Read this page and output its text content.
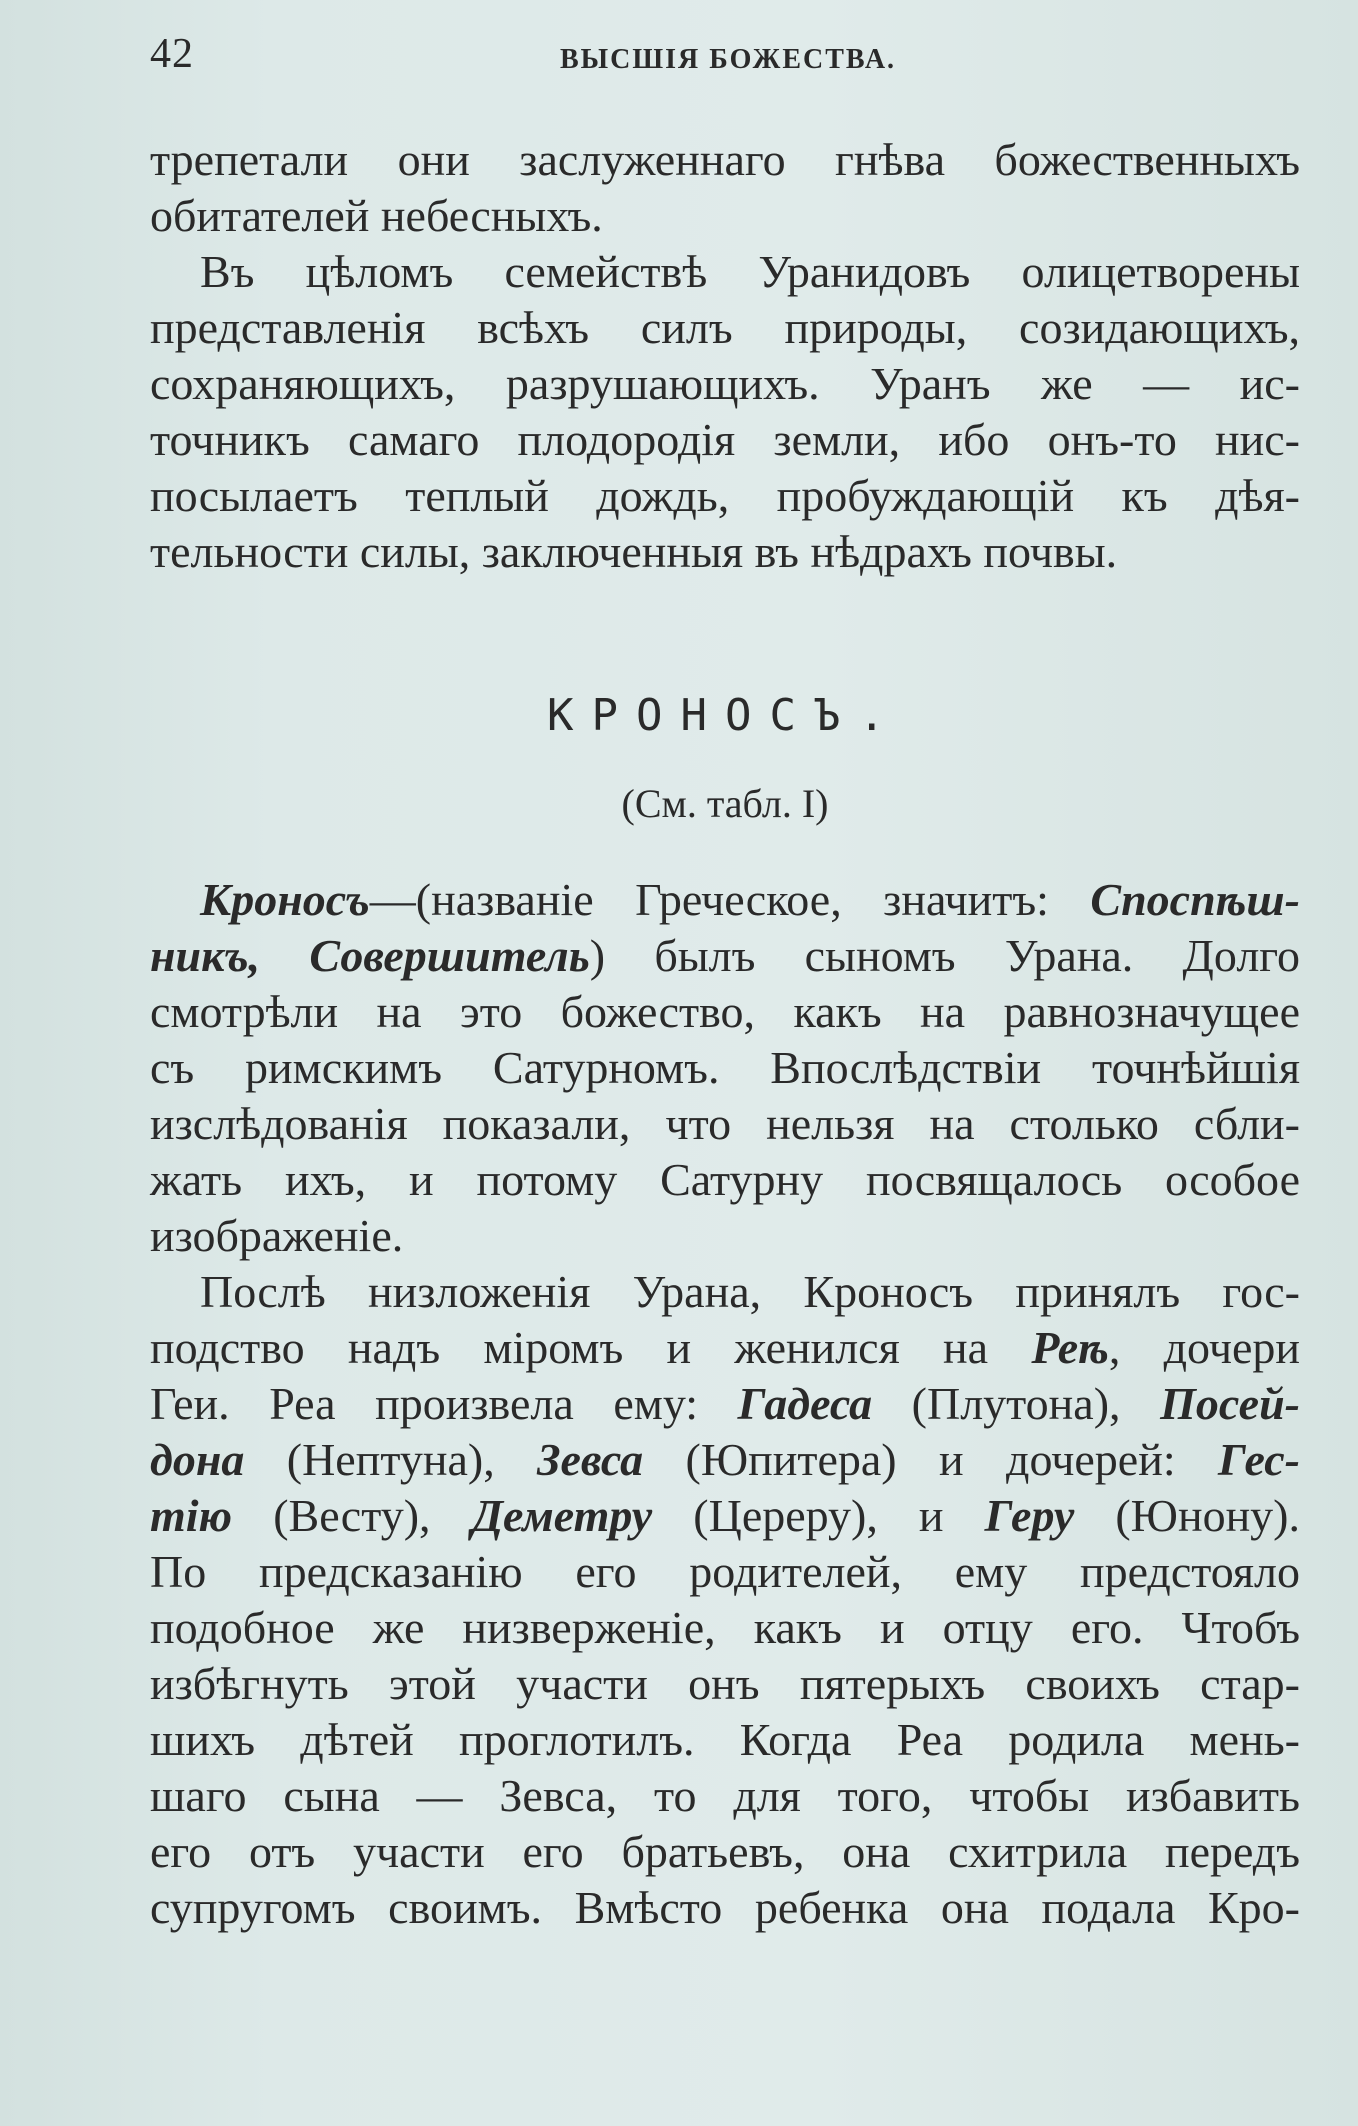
42	ВЫСШІЯ БОЖЕСТВА.
трепетали они заслуженнаго гнѣва божественныхъ
обитателей небесныхъ.
Въ цѣломъ семействѣ Уранидовъ олицетворены
представленія всѣхъ силъ природы, созидающихъ,
сохраняющихъ, разрушающихъ. Уранъ же — ис-
точникъ самаго плодородія земли, ибо онъ-то нис-
посылаетъ теплый дождь, пробуждающій къ дѣя-
тельности силы, заключенныя въ нѣдрахъ почвы.
КРОНОСЪ.
(См. табл. I)
Кроносъ—(названіе Греческое, значитъ: Споспѣш-
никъ, Совершитель) былъ сыномъ Урана. Долго
смотрѣли на это божество, какъ на равнозначущее
съ римскимъ Сатурномъ. Впослѣдствіи точнѣйшія
изслѣдованія показали, что нельзя на столько сбли-
жать ихъ, и потому Сатурну посвящалось особое
изображеніе.
Послѣ низложенія Урана, Кроносъ принялъ гос-
подство надъ міромъ и женился на Реѣ, дочери
Геи. Реа произвела ему: Гадеса (Плутона), Посей-
дона (Нептуна), Зевса (Юпитера) и дочерей: Гес-
тію (Весту), Деметру (Цереру), и Геру (Юнону).
По предсказанію его родителей, ему предстояло
подобное же низверженіе, какъ и отцу его. Чтобъ
избѣгнуть этой участи онъ пятерыхъ своихъ стар-
шихъ дѣтей проглотилъ. Когда Реа родила мень-
шаго сына — Зевса, то для того, чтобы избавить
его отъ участи его братьевъ, она схитрила передъ
супругомъ своимъ. Вмѣсто ребенка она подала Кро-
